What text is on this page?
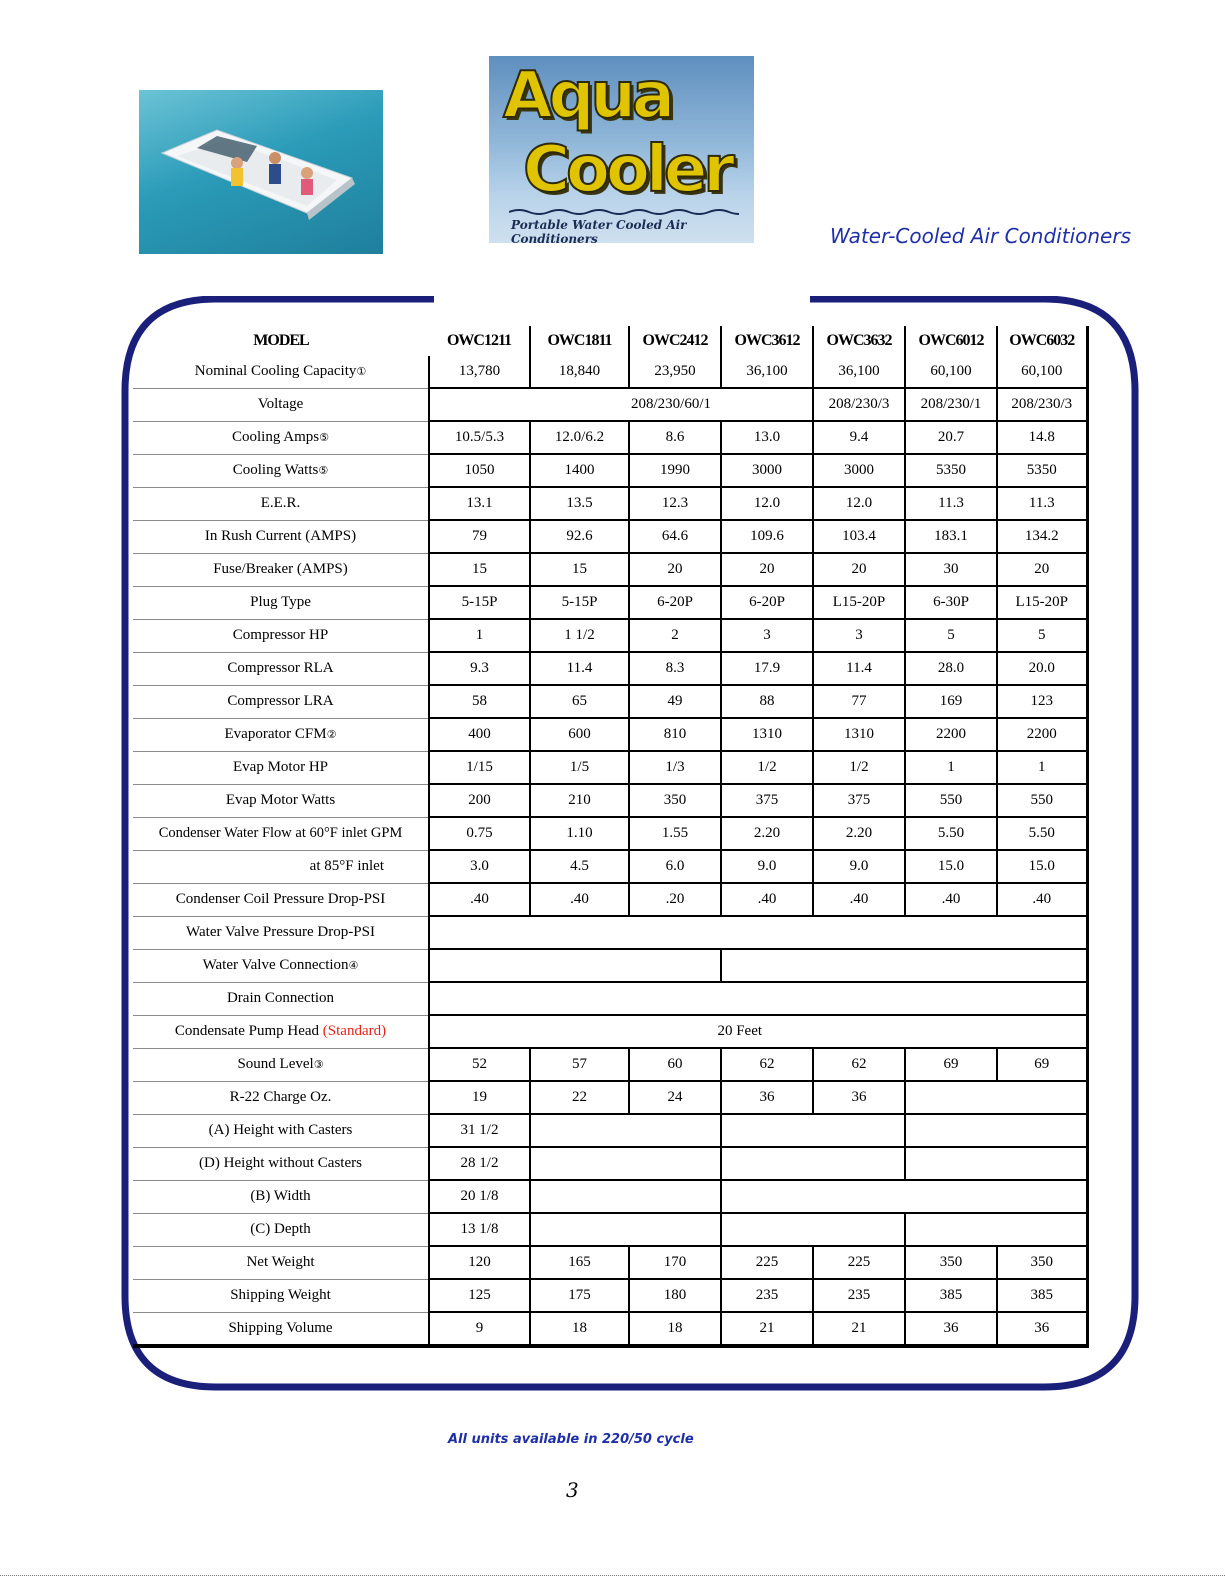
Aqua
Cooler
Portable Water Cooled Air Conditioners	Water-Cooled Air Conditioners
MODEL	OWC1211	OWC1811	OWC2412	OWC3612	OWC3632	OWC6012	OWC6032
Nominal Cooling Capacity①	13,780	18,840	23,950	36,100	36,100	60,100	60,100
Voltage	208/230/60/1				208/230/3	208/230/1	208/230/3
Cooling Amps⑤	10.5/5.3	12.0/6.2	8.6	13.0	9.4	20.7	14.8
Cooling Watts⑤	1050	1400	1990	3000	3000	5350	5350
E.E.R.	13.1	13.5	12.3	12.0	12.0	11.3	11.3
In Rush Current (AMPS)	79	92.6	64.6	109.6	103.4	183.1	134.2
Fuse/Breaker (AMPS)	15	15	20	20	20	30	20
Plug Type	5-15P	5-15P	6-20P	6-20P	L15-20P	6-30P	L15-20P
Compressor HP	1	1 1/2	2	3	3	5	5
Compressor RLA	9.3	11.4	8.3	17.9	11.4	28.0	20.0
Compressor LRA	58	65	49	88	77	169	123
Evaporator CFM②	400	600	810	1310	1310	2200	2200
Evap Motor HP	1/15	1/5	1/3	1/2	1/2	1	1
Evap Motor Watts	200	210	350	375	375	550	550
Condenser Water Flow at 60°F inlet GPM	0.75	1.10	1.55	2.20	2.20	5.50	5.50
at 85°F inlet	3.0	4.5	6.0	9.0	9.0	15.0	15.0
Condenser Coil Pressure Drop-PSI	.40	.40	.20	.40	.40	.40	.40
Water Valve Pressure Drop-PSI							
Water Valve Connection④							
Drain Connection							
Condensate Pump Head (Standard)	20 Feet						
Sound Level③	52	57	60	62	62	69	69
R-22 Charge Oz.	19	22	24	36	36		
(A) Height with Casters	31 1/2						
(D) Height without Casters	28 1/2						
(B) Width	20 1/8						
(C) Depth	13 1/8						
Net Weight	120	165	170	225	225	350	350
Shipping Weight	125	175	180	235	235	385	385
Shipping Volume	9	18	18	21	21	36	36
All units available in 220/50 cycle
3
